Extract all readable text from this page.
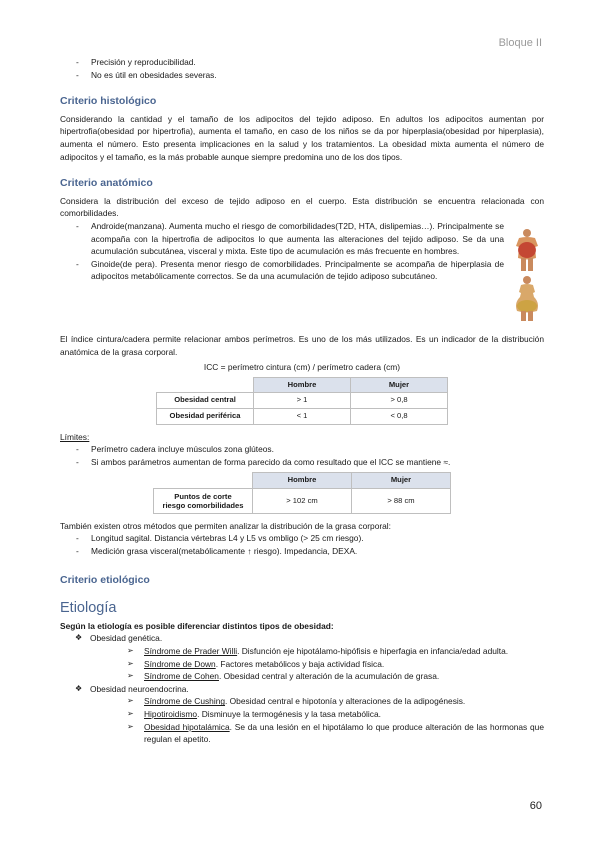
Bloque II
- Precisión y reproducibilidad.
- No es útil en obesidades severas.
Criterio histológico
Considerando la cantidad y el tamaño de los adipocitos del tejido adiposo. En adultos los adipocitos aumentan por hipertrofia(obesidad por hipertrofia), aumenta el tamaño, en caso de los niños se da por hiperplasia(obesidad por hiperplasia), aumenta el número. Esto presenta implicaciones en la salud y los tratamientos. La obesidad mixta aumenta el número de adipocitos y el tamaño, es la más probable aunque siempre predomina uno de los dos tipos.
Criterio anatómico
Considera la distribución del exceso de tejido adiposo en el cuerpo. Esta distribución se encuentra relacionada con comorbilidades.
- Androide(manzana). Aumenta mucho el riesgo de comorbilidades(T2D, HTA, dislipemias…). Principalmente se acompaña con la hipertrofia de adipocitos lo que aumenta las alteraciones del tejido adiposo. Se da una acumulación subcutánea, visceral y mixta. Este tipo de acumulación es más frecuente en hombres.
- Ginoide(de pera). Presenta menor riesgo de comorbilidades. Principalmente se acompaña de hiperplasia de adipocitos metabólicamente correctos. Se da una acumulación de tejido adiposo subcutáneo.
El índice cintura/cadera permite relacionar ambos perímetros. Es uno de los más utilizados. Es un indicador de la distribución anatómica de la grasa corporal.
ICC = perímetro cintura (cm) / perímetro cadera (cm)
	Hombre	Mujer
Obesidad central	> 1	> 0,8
Obesidad periférica	< 1	< 0,8
Límites:
- Perímetro cadera incluye músculos zona glúteos.
- Si ambos parámetros aumentan de forma parecido da como resultado que el ICC se mantiene ≈.
	Hombre	Mujer
Puntos de corte
riesgo comorbilidades	> 102 cm	> 88 cm
También existen otros métodos que permiten analizar la distribución de la grasa corporal:
- Longitud sagital. Distancia vértebras L4 y L5 vs ombligo (> 25 cm riesgo).
- Medición grasa visceral(metabólicamente ↑ riesgo). Impedancia, DEXA.
Criterio etiológico
Etiología
Según la etiología es posible diferenciar distintos tipos de obesidad:
❖ Obesidad genética.
➢ Síndrome de Prader Willi. Disfunción eje hipotálamo-hipófisis e hiperfagia en infancia/edad adulta.
➢ Síndrome de Down. Factores metabólicos y baja actividad física.
➢ Síndrome de Cohen. Obesidad central y alteración de la acumulación de grasa.
❖ Obesidad neuroendocrina.
➢ Síndrome de Cushing. Obesidad central e hipotonía y alteraciones de la adipogénesis.
➢ Hipotiroidismo. Disminuye la termogénesis y la tasa metabólica.
➢ Obesidad hipotalámica. Se da una lesión en el hipotálamo lo que produce alteración de las hormonas que regulan el apetito.
60
